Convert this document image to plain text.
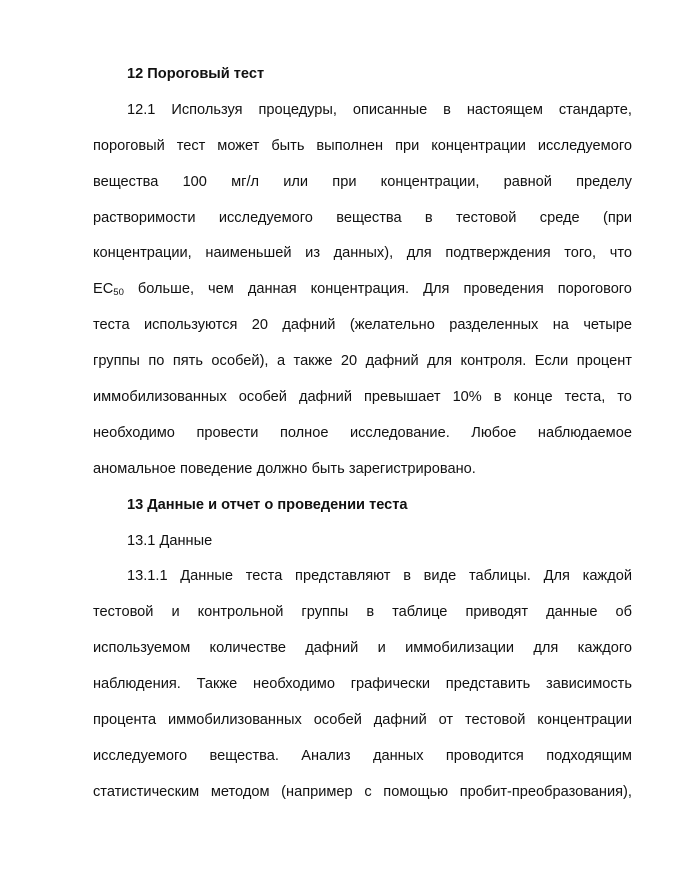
12 Пороговый тест
12.1 Используя процедуры, описанные в настоящем стандарте,
пороговый тест может быть выполнен при концентрации исследуемого
вещества 100 мг/л или при концентрации, равной пределу
растворимости исследуемого вещества в тестовой среде (при
концентрации, наименьшей из данных), для подтверждения того, что
$EC_{50}$ больше, чем данная концентрация. Для проведения порогового
теста используются 20 дафний (желательно разделенных на четыре
группы по пять особей), а также 20 дафний для контроля. Если процент
иммобилизованных особей дафний превышает 10% в конце теста, то
необходимо провести полное исследование. Любое наблюдаемое
аномальное поведение должно быть зарегистрировано.
13 Данные и отчет о проведении теста
13.1 Данные
13.1.1 Данные теста представляют в виде таблицы. Для каждой
тестовой и контрольной группы в таблице приводят данные об
используемом количестве дафний и иммобилизации для каждого
наблюдения. Также необходимо графически представить зависимость
процента иммобилизованных особей дафний от тестовой концентрации
исследуемого вещества. Анализ данных проводится подходящим
статистическим методом (например с помощью пробит-преобразования),
